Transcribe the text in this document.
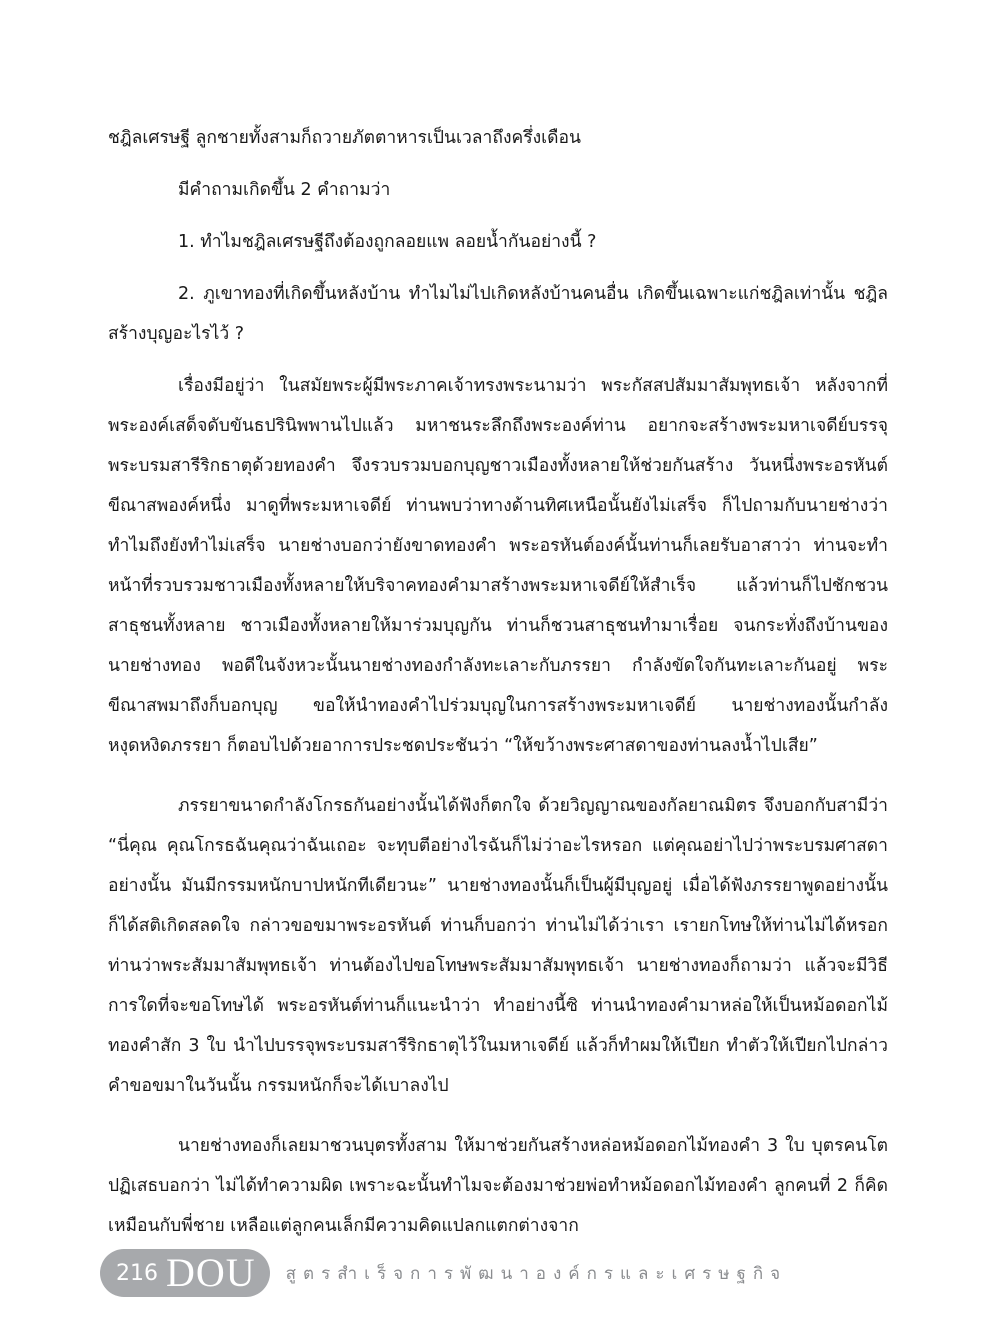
ชฎิลเศรษฐี ลูกชายทั้งสามก็ถวายภัตตาหารเป็นเวลาถึงครึ่งเดือน

มีคำถามเกิดขึ้น 2 คำถามว่า

1. ทำไมชฎิลเศรษฐีถึงต้องถูกลอยแพ ลอยน้ำกันอย่างนี้ ?

2. ภูเขาทองที่เกิดขึ้นหลังบ้าน ทำไมไม่ไปเกิดหลังบ้านคนอื่น เกิดขึ้นเฉพาะแก่ชฎิลเท่านั้น ชฎิลสร้างบุญอะไรไว้ ?

เรื่องมีอยู่ว่า ในสมัยพระผู้มีพระภาคเจ้าทรงพระนามว่า พระกัสสปสัมมาสัมพุทธเจ้า หลังจากที่พระองค์เสด็จดับขันธปรินิพพานไปแล้ว มหาชนระลึกถึงพระองค์ท่าน อยากจะสร้างพระมหาเจดีย์บรรจุพระบรมสารีริกธาตุด้วยทองคำ จึงรวบรวมบอกบุญชาวเมืองทั้งหลายให้ช่วยกันสร้าง วันหนึ่งพระอรหันต์ขีณาสพองค์หนึ่ง มาดูที่พระมหาเจดีย์ ท่านพบว่าทางด้านทิศเหนือนั้นยังไม่เสร็จ ก็ไปถามกับนายช่างว่า ทำไมถึงยังทำไม่เสร็จ นายช่างบอกว่ายังขาดทองคำ พระอรหันต์องค์นั้นท่านก็เลยรับอาสาว่า ท่านจะทำหน้าที่รวบรวมชาวเมืองทั้งหลายให้บริจาคทองคำมาสร้างพระมหาเจดีย์ให้สำเร็จ แล้วท่านก็ไปชักชวนสาธุชนทั้งหลาย ชาวเมืองทั้งหลายให้มาร่วมบุญกัน ท่านก็ชวนสาธุชนทำมาเรื่อย จนกระทั่งถึงบ้านของนายช่างทอง พอดีในจังหวะนั้นนายช่างทองกำลังทะเลาะกับภรรยา กำลังขัดใจกันทะเลาะกันอยู่ พระขีณาสพมาถึงก็บอกบุญ ขอให้นำทองคำไปร่วมบุญในการสร้างพระมหาเจดีย์ นายช่างทองนั้นกำลังหงุดหงิดภรรยา ก็ตอบไปด้วยอาการประชดประชันว่า “ให้ขว้างพระศาสดาของท่านลงน้ำไปเสีย”

ภรรยาขนาดกำลังโกรธกันอย่างนั้นได้ฟังก็ตกใจ ด้วยวิญญาณของกัลยาณมิตร จึงบอกกับสามีว่า “นี่คุณ คุณโกรธฉันคุณว่าฉันเถอะ จะทุบตีอย่างไรฉันก็ไม่ว่าอะไรหรอก แต่คุณอย่าไปว่าพระบรมศาสดาอย่างนั้น มันมีกรรมหนักบาปหนักทีเดียวนะ” นายช่างทองนั้นก็เป็นผู้มีบุญอยู่ เมื่อได้ฟังภรรยาพูดอย่างนั้นก็ได้สติเกิดสลดใจ กล่าวขอขมาพระอรหันต์ ท่านก็บอกว่า ท่านไม่ได้ว่าเรา เรายกโทษให้ท่านไม่ได้หรอก ท่านว่าพระสัมมาสัมพุทธเจ้า ท่านต้องไปขอโทษพระสัมมาสัมพุทธเจ้า นายช่างทองก็ถามว่า แล้วจะมีวิธีการใดที่จะขอโทษได้ พระอรหันต์ท่านก็แนะนำว่า ทำอย่างนี้ซิ ท่านนำทองคำมาหล่อให้เป็นหม้อดอกไม้ทองคำสัก 3 ใบ นำไปบรรจุพระบรมสารีริกธาตุไว้ในมหาเจดีย์ แล้วก็ทำผมให้เปียก ทำตัวให้เปียกไปกล่าวคำขอขมาในวันนั้น กรรมหนักก็จะได้เบาลงไป

นายช่างทองก็เลยมาชวนบุตรทั้งสาม ให้มาช่วยกันสร้างหล่อหม้อดอกไม้ทองคำ 3 ใบ บุตรคนโตปฏิเสธบอกว่า ไม่ได้ทำความผิด เพราะฉะนั้นทำไมจะต้องมาช่วยพ่อทำหม้อดอกไม้ทองคำ ลูกคนที่ 2 ก็คิดเหมือนกับพี่ชาย เหลือแต่ลูกคนเล็กมีความคิดแปลกแตกต่างจาก

216 DOU สูตรสำเร็จการพัฒนาองค์กรและเศรษฐกิจ
